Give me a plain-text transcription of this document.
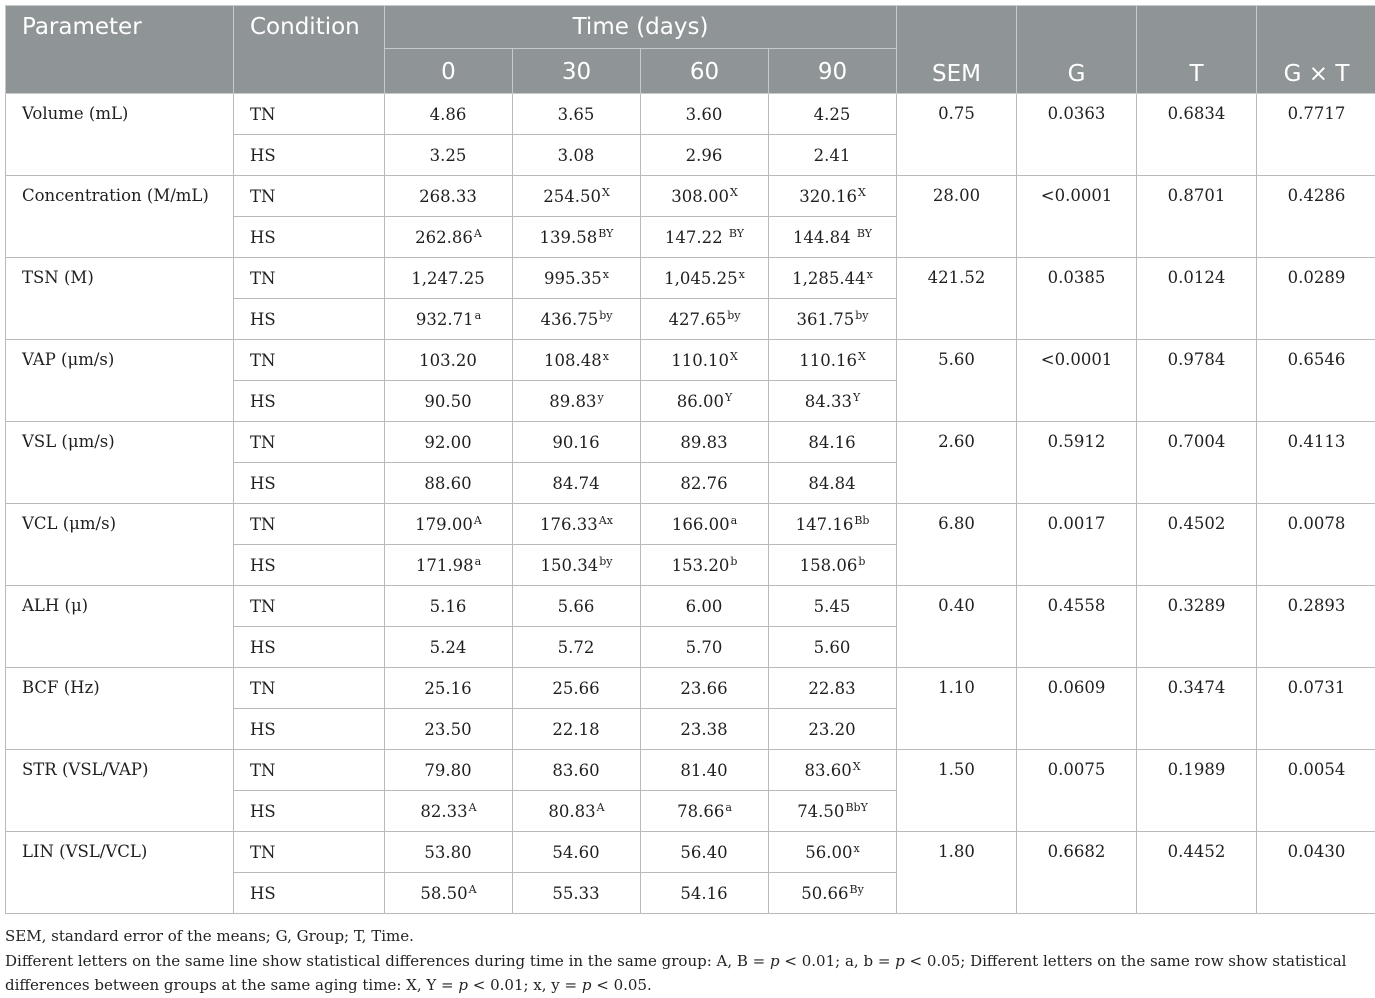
Parameter	Condition	Time (days)				SEM	G	T	G × T
		0	30	60	90				
Volume (mL)	TN	4.86	3.65	3.60	4.25	0.75	0.0363	0.6834	0.7717
	HS	3.25	3.08	2.96	2.41				
Concentration (M/mL)	TN	268.33	$254.50^X$	$308.00^X$	$320.16^X$	28.00	<0.0001	0.8701	0.4286
	HS	$262.86^A$	$139.58^{BY}$	147.22 $^{BY}$	144.84 $^{BY}$
TSN (M)	TN	1,247.25	995.35$^x$	1,045.25$^x$	1,285.44$^x$	421.52	0.0385	0.0124	0.0289
	HS	932.71$^a$	$436.75^{by}$	$427.65^{by}$	$361.75^{by}$
VAP (μm/s)	TN	103.20	108.48$^x$	$110.10^X$	$110.16^X$	5.60	<0.0001	0.9784	0.6546
	HS	90.50	89.83$^y$	$86.00^Y$	$84.33^Y$
VSL (μm/s)	TN	92.00	90.16	89.83	84.16	2.60	0.5912	0.7004	0.4113
	HS	88.60	84.74	82.76	84.84				
VCL (μm/s)	TN	$179.00^A$	$176.33^{Ax}$	166.00$^a$	$147.16^{Bb}$	6.80	0.0017	0.4502	0.0078
	HS	171.98$^a$	$150.34^{by}$	153.20$^b$	158.06$^b$
ALH (μ)	TN	5.16	5.66	6.00	5.45	0.40	0.4558	0.3289	0.2893
	HS	5.24	5.72	5.70	5.60				
BCF (Hz)	TN	25.16	25.66	23.66	22.83	1.10	0.0609	0.3474	0.0731
	HS	23.50	22.18	23.38	23.20				
STR (VSL/VAP)	TN	79.80	83.60	81.40	$83.60^X$	1.50	0.0075	0.1989	0.0054
	HS	$82.33^A$	$80.83^A$	78.66$^a$	$74.50^{BbY}$
LIN (VSL/VCL)	TN	53.80	54.60	56.40	56.00$^x$	1.80	0.6682	0.4452	0.0430
	HS	$58.50^A$	55.33	54.16	$50.66^{By}$

SEM, standard error of the means; G, Group; T, Time.

Different letters on the same line show statistical differences during time in the same group: A, B = p < 0.01; a, b = p < 0.05; Different letters on the same row show statistical differences between groups at the same aging time: X, Y = p < 0.01; x, y = p < 0.05.
